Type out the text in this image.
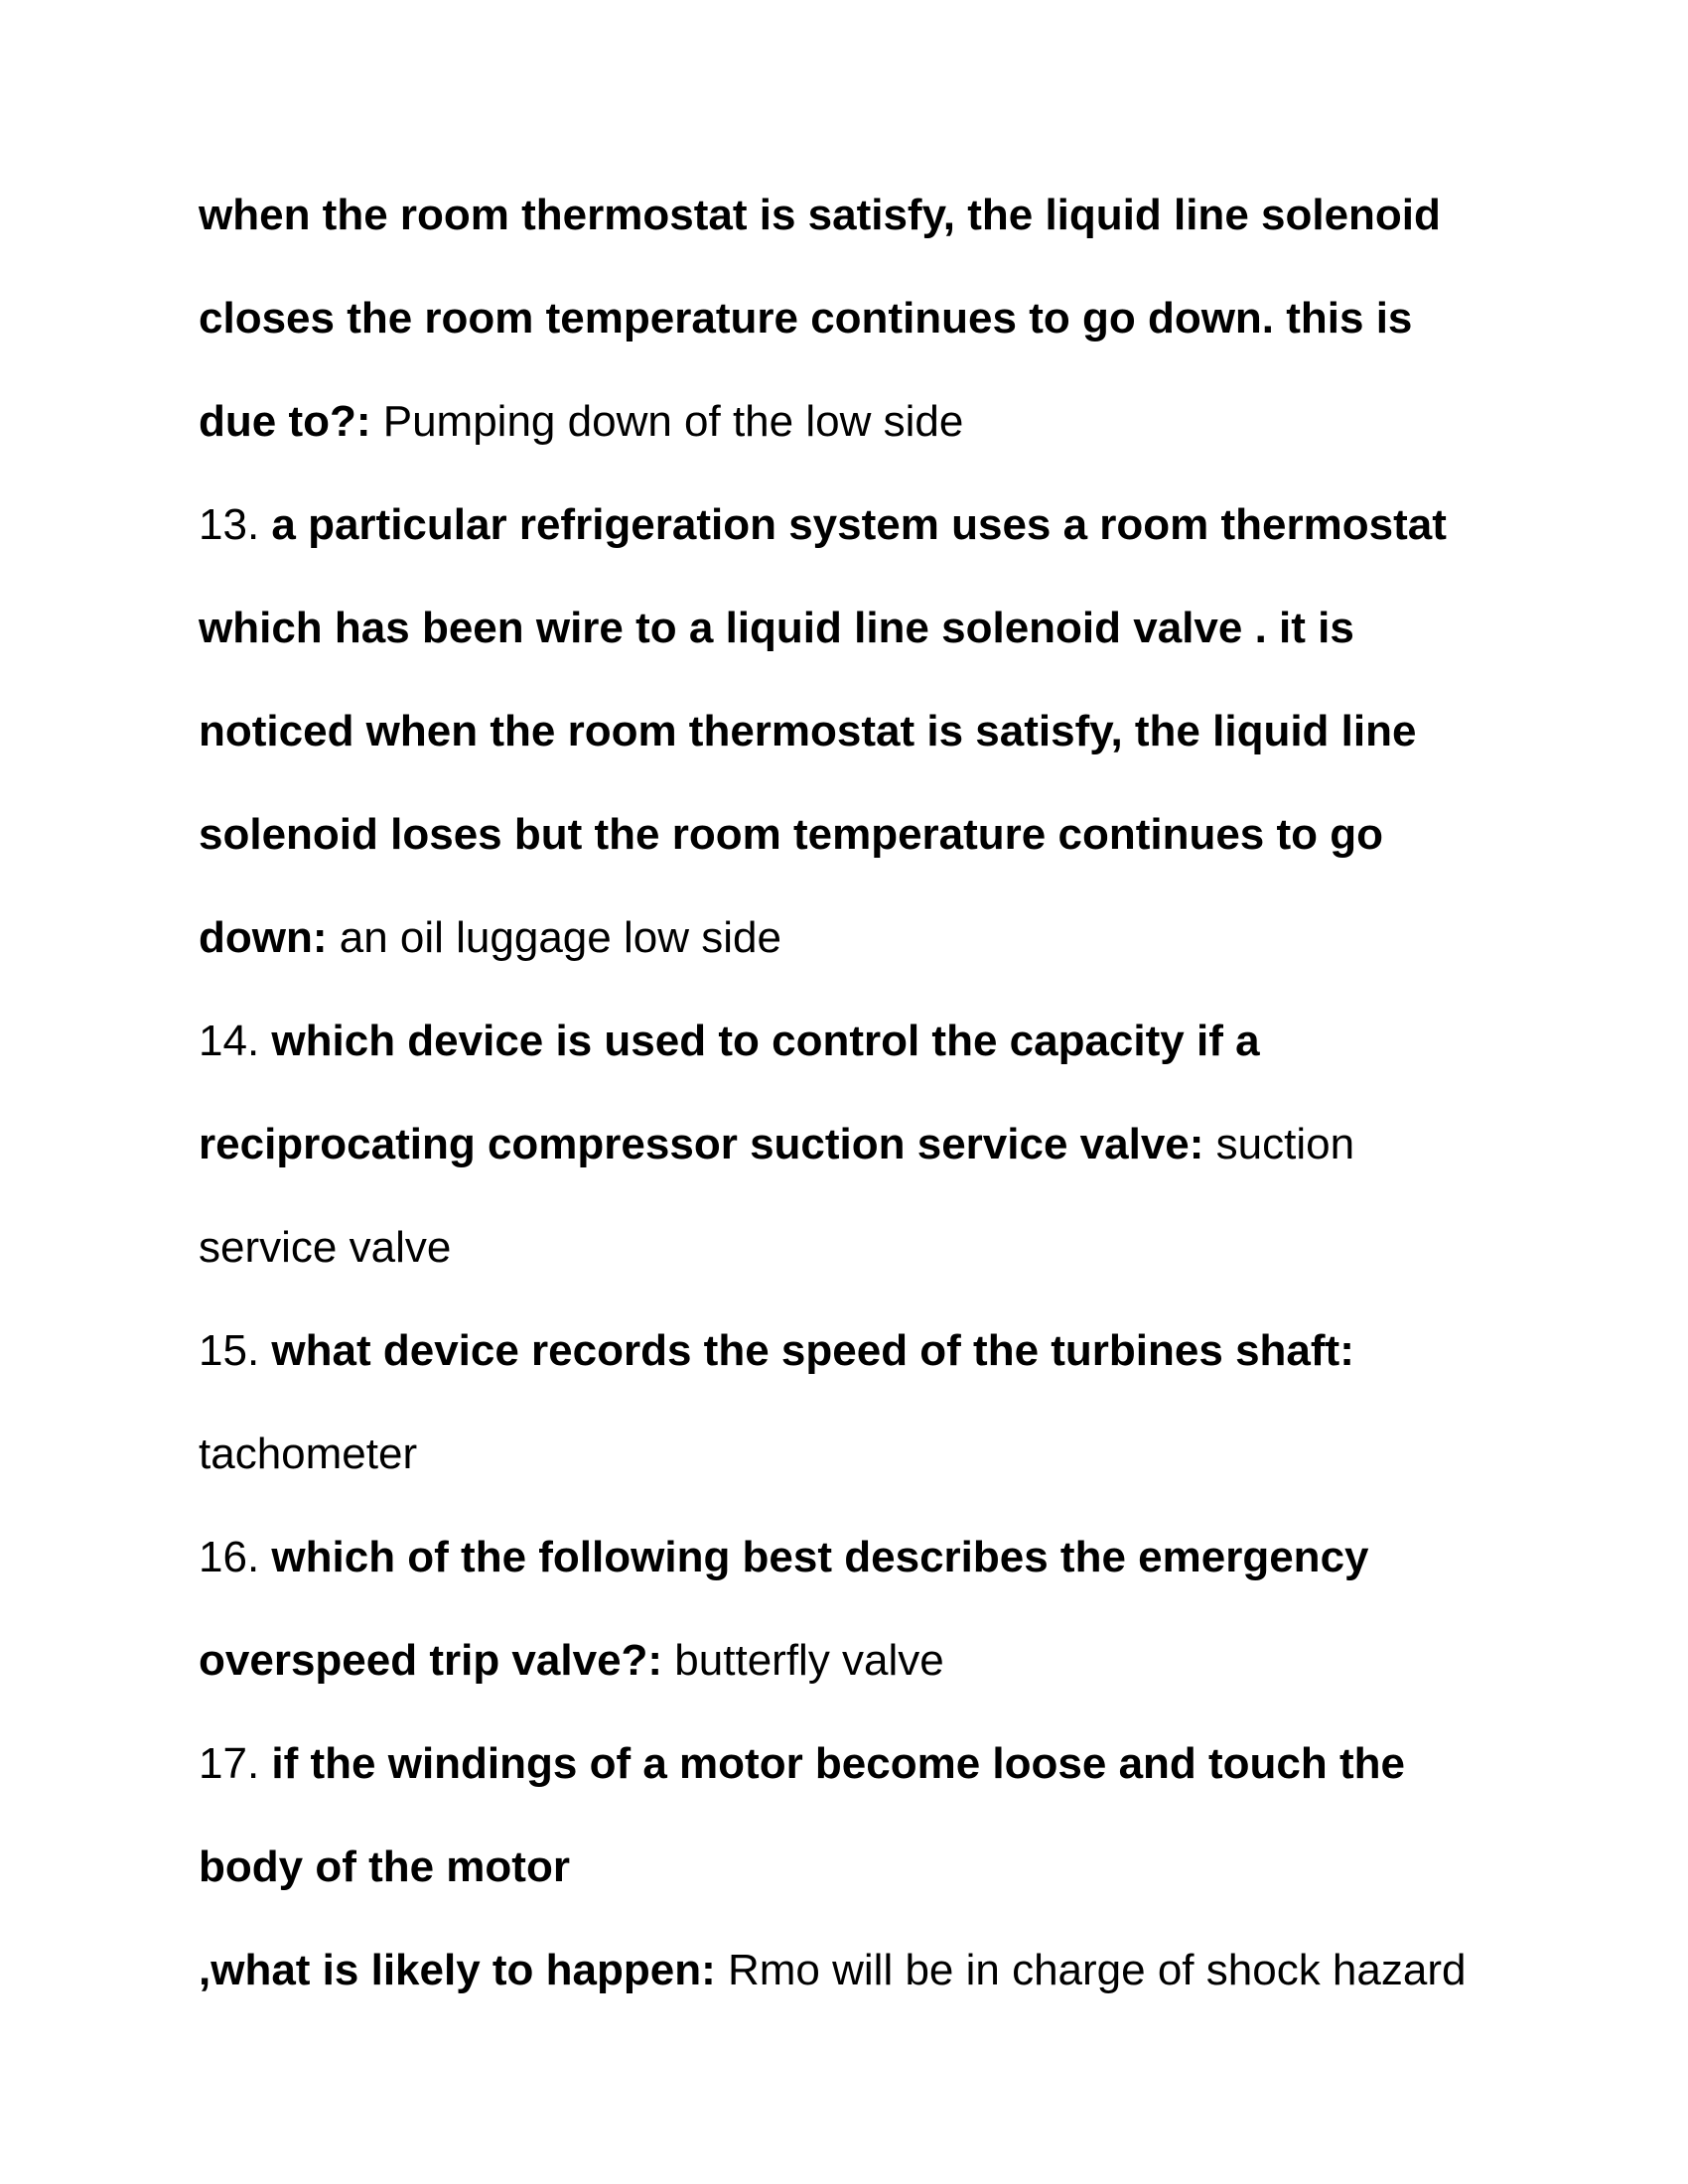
when the room thermostat is satisfy, the liquid line solenoid
closes the room temperature continues to go down. this is
due to?: Pumping down of the low side
13. a particular refrigeration system uses a room thermostat
which has been wire to a liquid line solenoid valve . it is
noticed when the room thermostat is satisfy, the liquid line
solenoid loses but the room temperature continues to go
down: an oil luggage low side
14. which device is used to control the capacity if a
reciprocating compressor suction service valve: suction
service valve
15. what device records the speed of the turbines shaft:
tachometer
16. which of the following best describes the emergency
overspeed trip valve?: butterfly valve
17. if the windings of a motor become loose and touch the
body of the motor
,what is likely to happen: Rmo will be in charge of shock hazard
